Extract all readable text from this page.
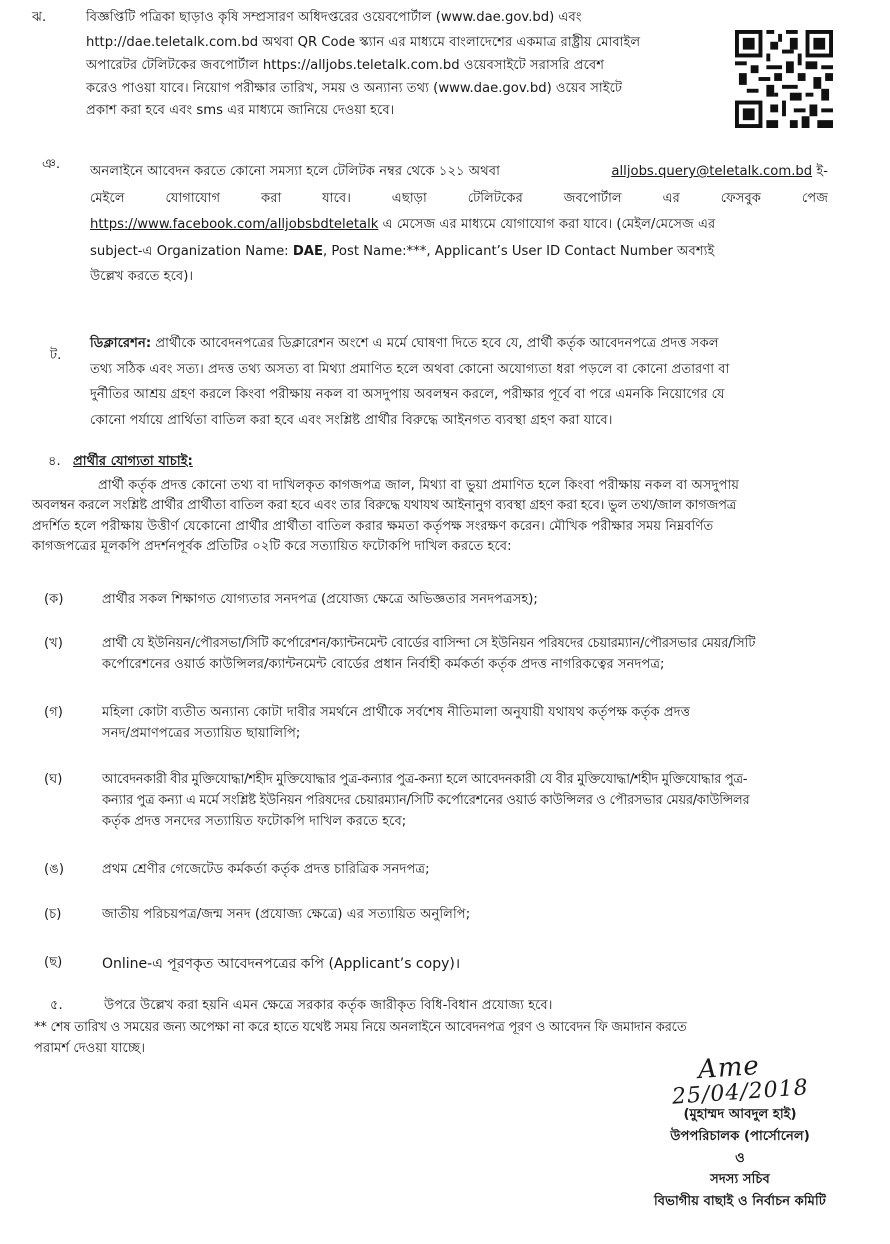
ঝ.	বিজ্ঞপ্তিটি পত্রিকা ছাড়াও কৃষি সম্প্রসারণ অধিদপ্তরের ওয়েবপোর্টাল (www.dae.gov.bd) এবং
http://dae.teletalk.com.bd অথবা QR Code স্ক্যান এর মাধ্যমে বাংলাদেশের একমাত্র রাষ্ট্রীয় মোবাইল
অপারেটর টেলিটকের জবপোর্টাল https://alljobs.teletalk.com.bd ওয়েবসাইটে সরাসরি প্রবেশ
করেও পাওয়া যাবে। নিয়োগ পরীক্ষার তারিখ, সময় ও অন্যান্য তথ্য (www.dae.gov.bd) ওয়েব সাইটে
প্রকাশ করা হবে এবং sms এর মাধ্যমে জানিয়ে দেওয়া হবে।
ঞ. অনলাইনে আবেদন করতে কোনো সমস্যা হলে টেলিটক নম্বর থেকে ১২১ অথবা	alljobs.query@teletalk.com.bd ই-
মেইলে যোগাযোগ করা যাবে। এছাড়া টেলিটকের জবপোর্টাল এর ফেসবুক পেজ
https://www.facebook.com/alljobsbdteletalk এ মেসেজ এর মাধ্যমে যোগাযোগ করা যাবে। (মেইল/মেসেজ এর
subject-এ Organization Name: DAE, Post Name:***, Applicant’s User ID Contact Number অবশ্যই
উল্লেখ করতে হবে)।
ট.
ডিক্লারেশন: প্রার্থীকে আবেদনপত্রের ডিক্লারেশন অংশে এ মর্মে ঘোষণা দিতে হবে যে, প্রার্থী কর্তৃক আবেদনপত্রে প্রদত্ত সকল
তথ্য সঠিক এবং সত্য। প্রদত্ত তথ্য অসত্য বা মিথ্যা প্রমাণিত হলে অথবা কোনো অযোগ্যতা ধরা পড়লে বা কোনো প্রতারণা বা
দুর্নীতির আশ্রয় গ্রহণ করলে কিংবা পরীক্ষায় নকল বা অসদুপায় অবলম্বন করলে, পরীক্ষার পূর্বে বা পরে এমনকি নিয়োগের যে
কোনো পর্যায়ে প্রার্থিতা বাতিল করা হবে এবং সংশ্লিষ্ট প্রার্থীর বিরুদ্ধে আইনগত ব্যবস্থা গ্রহণ করা যাবে।
৪. প্রার্থীর যোগ্যতা যাচাই:
প্রার্থী কর্তৃক প্রদত্ত কোনো তথ্য বা দাখিলকৃত কাগজপত্র জাল, মিথ্যা বা ভুয়া প্রমাণিত হলে কিংবা পরীক্ষায় নকল বা অসদুপায়
অবলম্বন করলে সংশ্লিষ্ট প্রার্থীর প্রার্থীতা বাতিল করা হবে এবং তার বিরুদ্ধে যথাযথ আইনানুগ ব্যবস্থা গ্রহণ করা হবে। ভুল তথ্য/জাল কাগজপত্র
প্রদর্শিত হলে পরীক্ষায় উত্তীর্ণ যেকোনো প্রার্থীর প্রার্থীতা বাতিল করার ক্ষমতা কর্তৃপক্ষ সংরক্ষণ করেন। মৌখিক পরীক্ষার সময় নিম্নবর্ণিত
কাগজপত্রের মূলকপি প্রদর্শনপূর্বক প্রতিটির ০২টি করে সত্যায়িত ফটোকপি দাখিল করতে হবে:
(ক)	প্রার্থীর সকল শিক্ষাগত যোগ্যতার সনদপত্র (প্রযোজ্য ক্ষেত্রে অভিজ্ঞতার সনদপত্রসহ);
(খ)	প্রার্থী যে ইউনিয়ন/পৌরসভা/সিটি কর্পোরেশন/ক্যান্টনমেন্ট বোর্ডের বাসিন্দা সে ইউনিয়ন পরিষদের চেয়ারম্যান/পৌরসভার মেয়র/সিটি
কর্পোরেশনের ওয়ার্ড কাউন্সিলর/ক্যান্টনমেন্ট বোর্ডের প্রধান নির্বাহী কর্মকর্তা কর্তৃক প্রদত্ত নাগরিকত্বের সনদপত্র;
(গ)	মহিলা কোটা ব্যতীত অন্যান্য কোটা দাবীর সমর্থনে প্রার্থীকে সর্বশেষ নীতিমালা অনুযায়ী যথাযথ কর্তৃপক্ষ কর্তৃক প্রদত্ত
সনদ/প্রমাণপত্রের সত্যায়িত ছায়ালিপি;
(ঘ)	আবেদনকারী বীর মুক্তিযোদ্ধা/শহীদ মুক্তিযোদ্ধার পুত্র-কন্যার পুত্র-কন্যা হলে আবেদনকারী যে বীর মুক্তিযোদ্ধা/শহীদ মুক্তিযোদ্ধার পুত্র-
কন্যার পুত্র কন্যা এ মর্মে সংশ্লিষ্ট ইউনিয়ন পরিষদের চেয়ারম্যান/সিটি কর্পোরেশনের ওয়ার্ড কাউন্সিলর ও পৌরসভার মেয়র/কাউন্সিলর
কর্তৃক প্রদত্ত সনদের সত্যায়িত ফটোকপি দাখিল করতে হবে;
(ঙ)	প্রথম শ্রেণীর গেজেটেড কর্মকর্তা কর্তৃক প্রদত্ত চারিত্রিক সনদপত্র;
(চ)	জাতীয় পরিচয়পত্র/জন্ম সনদ (প্রযোজ্য ক্ষেত্রে) এর সত্যায়িত অনুলিপি;
(ছ)	Online-এ পূরণকৃত আবেদনপত্রের কপি (Applicant’s copy)।
৫.	উপরে উল্লেখ করা হয়নি এমন ক্ষেত্রে সরকার কর্তৃক জারীকৃত বিধি-বিধান প্রযোজ্য হবে।
** শেষ তারিখ ও সময়ের জন্য অপেক্ষা না করে হাতে যথেষ্ট সময় নিয়ে অনলাইনে আবেদনপত্র পূরণ ও আবেদন ফি জমাদান করতে
পরামর্শ দেওয়া যাচ্ছে।
Ame
25/04/2018
(মুহাম্মদ আবদুল হাই)
উপপরিচালক (পার্সোনেল)
ও
সদস্য সচিব
বিভাগীয় বাছাই ও নির্বাচন কমিটি
